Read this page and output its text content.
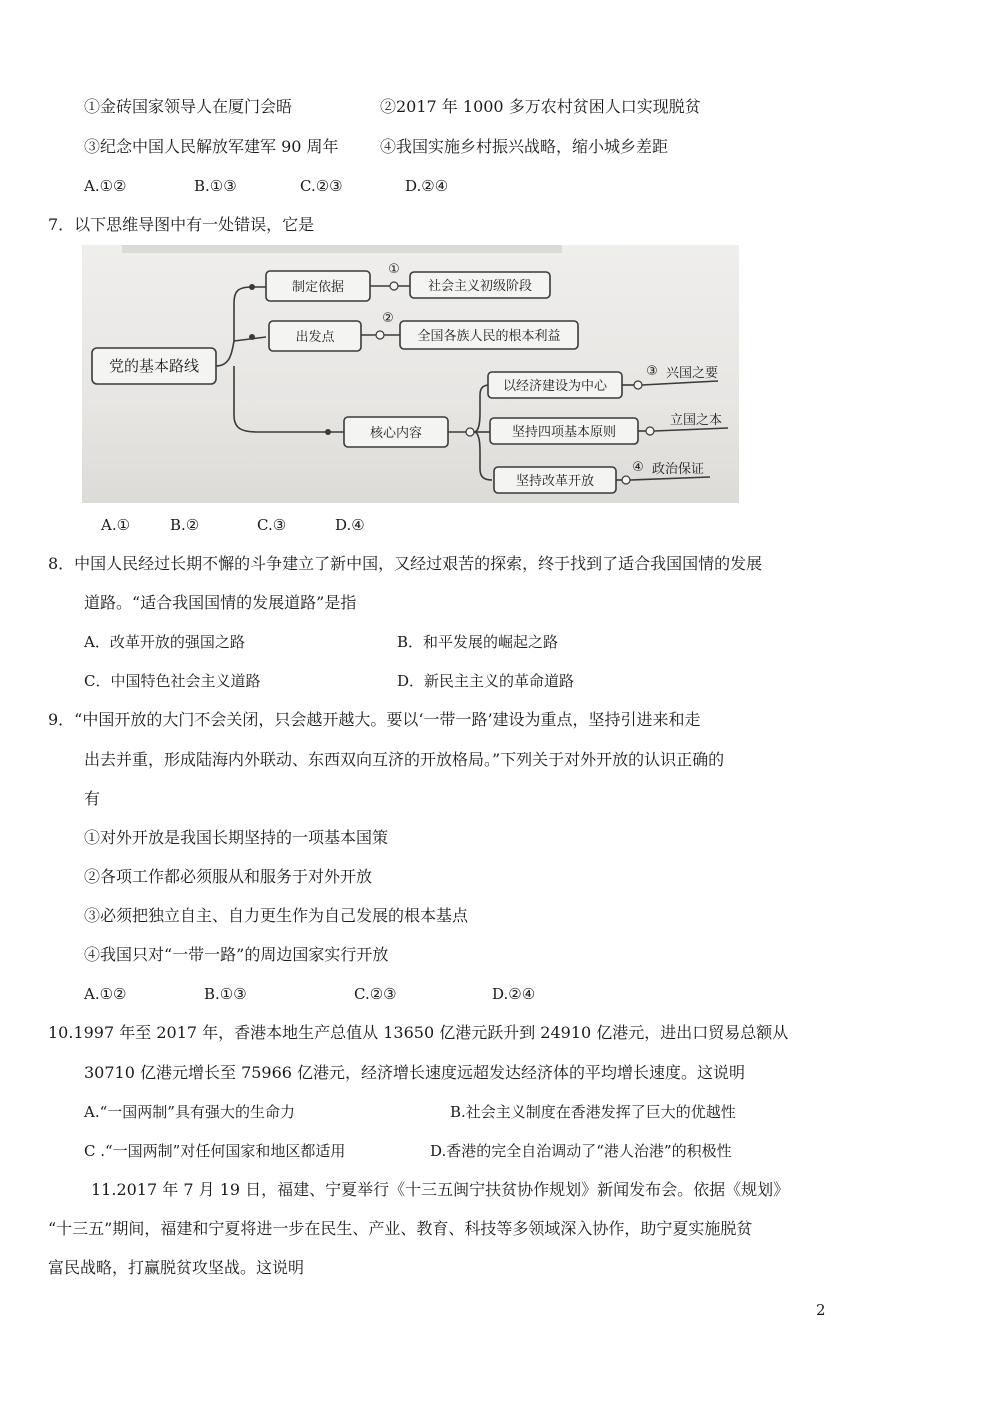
①金砖国家领导人在厦门会晤	②2017 年 1000 多万农村贫困人口实现脱贫
③纪念中国人民解放军建军 90 周年	④我国实施乡村振兴战略，缩小城乡差距
A.①②	B.①③	C.②③	D.②④
7．以下思维导图中有一处错误，它是
党的基本路线
制定依据
①
社会主义初级阶段
出发点
②
全国各族人民的根本利益
核心内容
以经济建设为中心
③ 兴国之要
坚持四项基本原则
立国之本
坚持改革开放
④ 政治保证
A.①	B.②	C.③	D.④
8．中国人民经过长期不懈的斗争建立了新中国，又经过艰苦的探索，终于找到了适合我国国情的发展
道路。“适合我国国情的发展道路”是指
A．改革开放的强国之路	B．和平发展的崛起之路
C．中国特色社会主义道路	D．新民主主义的革命道路
9．“中国开放的大门不会关闭，只会越开越大。要以‘一带一路’建设为重点，坚持引进来和走
出去并重，形成陆海内外联动、东西双向互济的开放格局。”下列关于对外开放的认识正确的
有
①对外开放是我国长期坚持的一项基本国策
②各项工作都必须服从和服务于对外开放
③必须把独立自主、自力更生作为自己发展的根本基点
④我国只对“一带一路”的周边国家实行开放
A.①②	B.①③	C.②③	D.②④
10.1997 年至 2017 年，香港本地生产总值从 13650 亿港元跃升到 24910 亿港元，进出口贸易总额从
30710 亿港元增长至 75966 亿港元，经济增长速度远超发达经济体的平均增长速度。这说明
A.“一国两制”具有强大的生命力	B.社会主义制度在香港发挥了巨大的优越性
C .“一国两制”对任何国家和地区都适用	D.香港的完全自治调动了“港人治港”的积极性
11.2017 年 7 月 19 日，福建、宁夏举行《十三五闽宁扶贫协作规划》新闻发布会。依据《规划》
“十三五”期间，福建和宁夏将进一步在民生、产业、教育、科技等多领域深入协作，助宁夏实施脱贫
富民战略，打赢脱贫攻坚战。这说明
2
